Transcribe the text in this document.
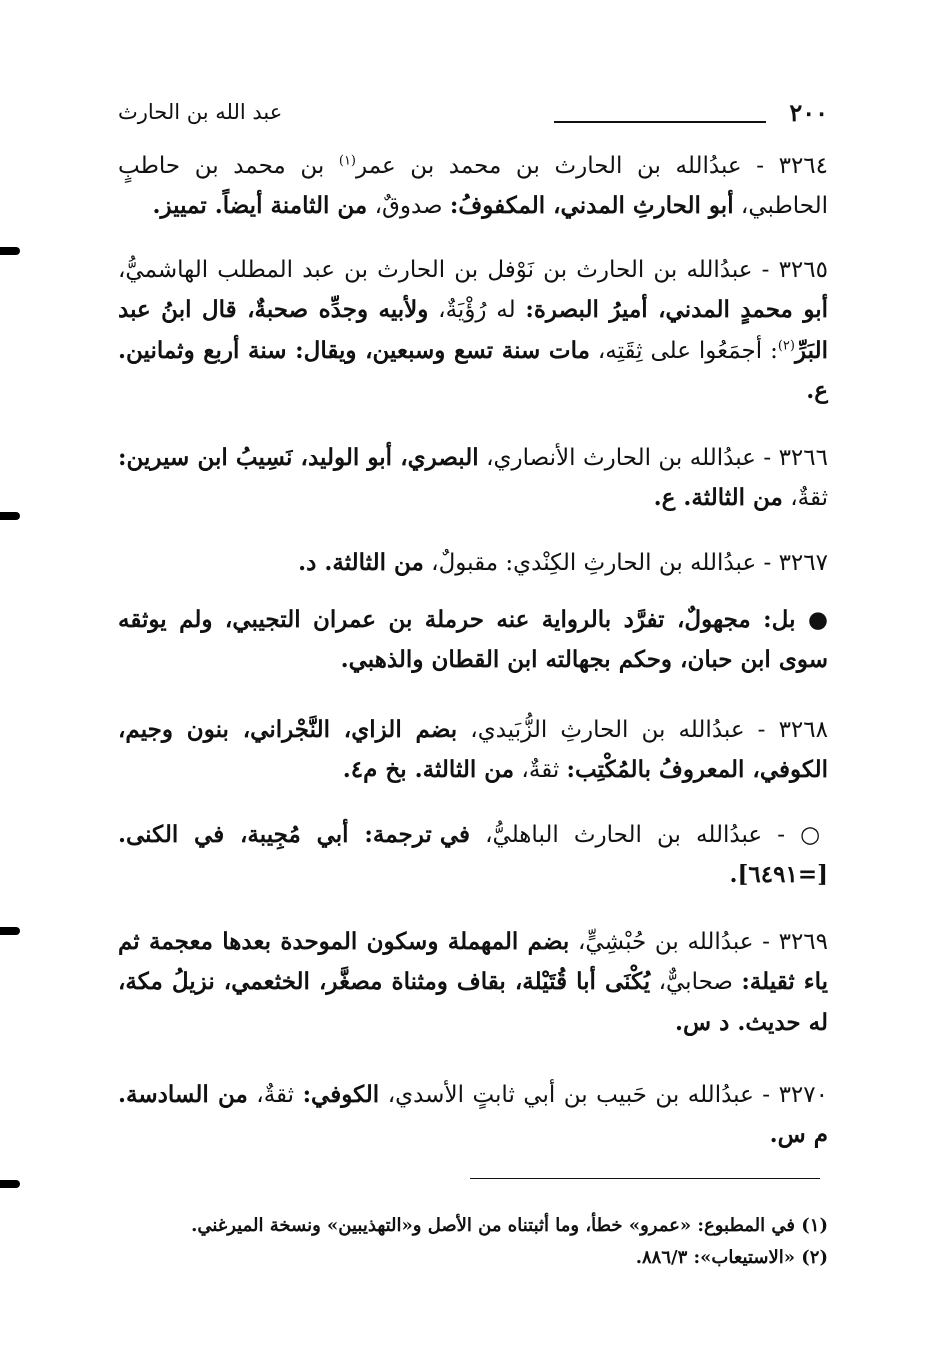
٢٠٠
عبد الله بن الحارث
٣٢٦٤ - عبدُالله بن الحارث بن محمد بن عمر$^{(١)}$ بن محمد بن حاطبٍ الحاطبي، أبو الحارثِ المدني، المكفوفُ: صدوقٌ، من الثامنة أيضاً. تمييز.
٣٢٦٥ - عبدُالله بن الحارث بن نَوْفل بن الحارث بن عبد المطلب الهاشميُّ، أبو محمدٍ المدني، أميرُ البصرة: له رُؤْيَةٌ، ولأبيه وجدِّه صحبةٌ، قال ابنُ عبد البَرِّ$^{(٢)}$: أجمَعُوا على ثِقَتِه، مات سنة تسع وسبعين، ويقال: سنة أربع وثمانين. ع.
٣٢٦٦ - عبدُالله بن الحارث الأنصاري، البصري، أبو الوليد، نَسِيبُ ابن سيرين: ثقةٌ، من الثالثة. ع.
٣٢٦٧ - عبدُالله بن الحارثِ الكِنْدي: مقبولٌ، من الثالثة. د.
● بل: مجهولٌ، تفرَّد بالرواية عنه حرملة بن عمران التجيبي، ولم يوثقه سوى ابن حبان، وحكم بجهالته ابن القطان والذهبي.
٣٢٦٨ - عبدُالله بن الحارثِ الزُّبَيدي، بضم الزاي، النَّجْراني، بنون وجيم، الكوفي، المعروفُ بالمُكْتِب: ثقةٌ، من الثالثة. بخ م٤.
○ - عبدُالله بن الحارث الباهليُّ، في ترجمة: أبي مُجِيبة، في الكنى. [=٦٤٩١].
٣٢٦٩ - عبدُالله بن حُبْشِيٍّ، بضم المهملة وسكون الموحدة بعدها معجمة ثم ياء ثقيلة: صحابيٌّ، يُكْنَى أبا قُتَيْلة، بقاف ومثناة مصغَّر، الخثعمي، نزيلُ مكة، له حديث. د س.
٣٢٧٠ - عبدُالله بن حَبيب بن أبي ثابتٍ الأسدي، الكوفي: ثقةٌ، من السادسة. م س.
(١) في المطبوع: «عمرو» خطأ، وما أثبتناه من الأصل و«التهذيبين» ونسخة الميرغني.
(٢) «الاستيعاب»: ٨٨٦/٣.
